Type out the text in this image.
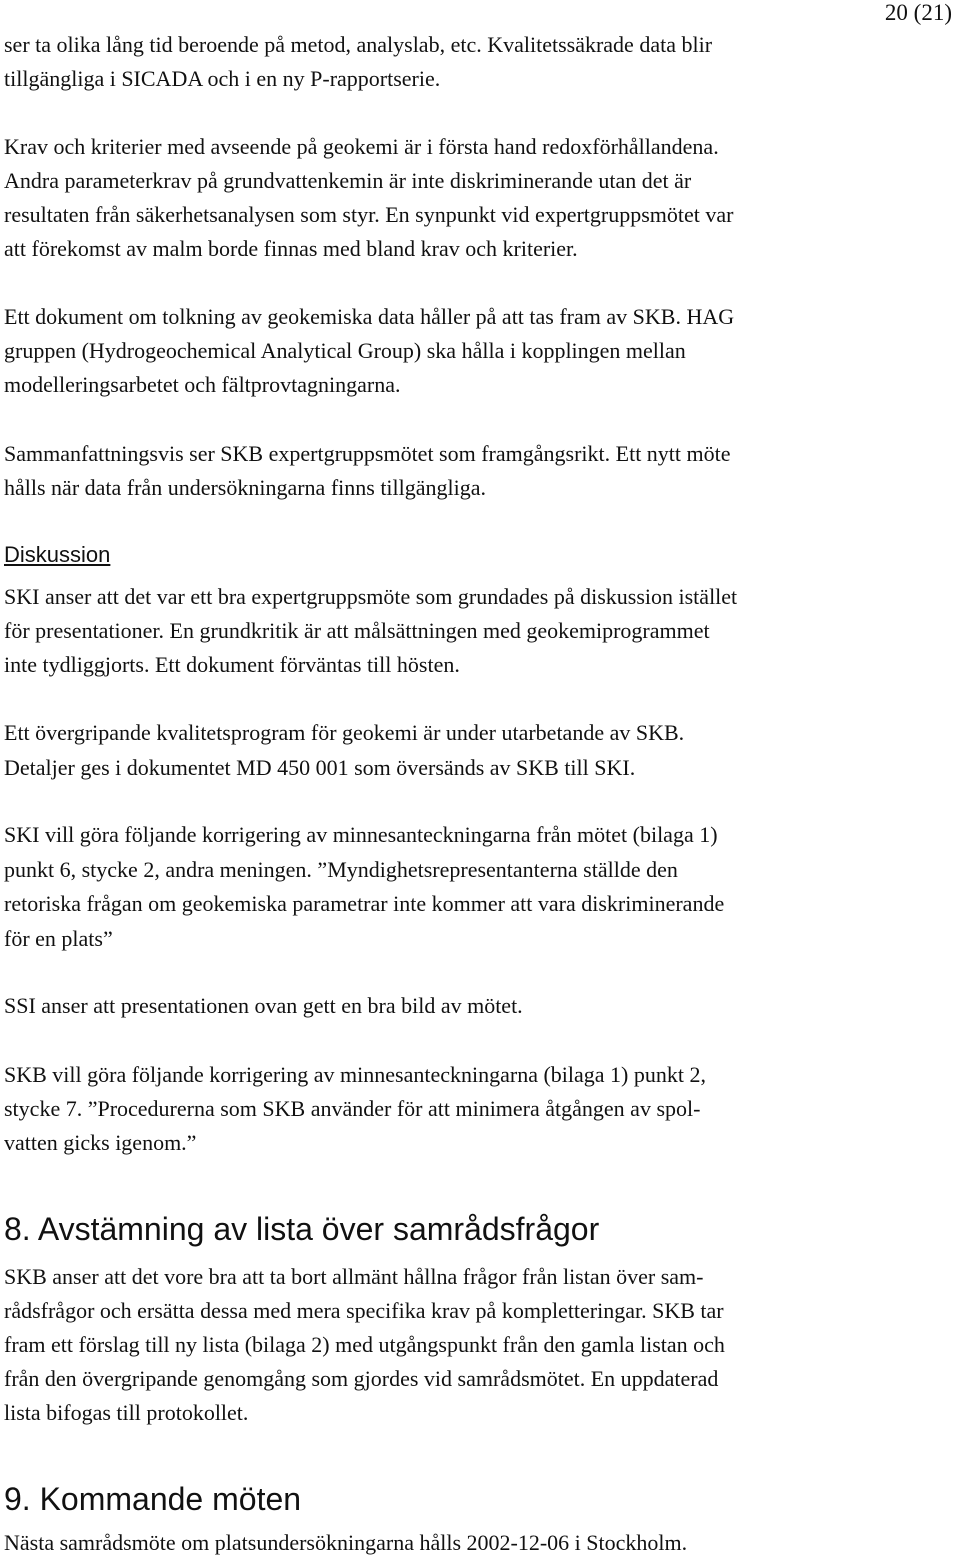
20 (21)
ser ta olika lång tid beroende på metod, analyslab, etc. Kvalitetssäkrade data blir
tillgängliga i SICADA och i en ny P-rapportserie.
Krav och kriterier med avseende på geokemi är i första hand redoxförhållandena.
Andra parameterkrav på grundvattenkemin är inte diskriminerande utan det är
resultaten från säkerhetsanalysen som styr. En synpunkt vid expertgruppsmötet var
att förekomst av malm borde finnas med bland krav och kriterier.
Ett dokument om tolkning av geokemiska data håller på att tas fram av SKB. HAG
gruppen (Hydrogeochemical Analytical Group) ska hålla i kopplingen mellan
modelleringsarbetet och fältprovtagningarna.
Sammanfattningsvis ser SKB expertgruppsmötet som framgångsrikt. Ett nytt möte
hålls när data från undersökningarna finns tillgängliga.
Diskussion
SKI anser att det var ett bra expertgruppsmöte som grundades på diskussion istället
för presentationer. En grundkritik är att målsättningen med geokemiprogrammet
inte tydliggjorts. Ett dokument förväntas till hösten.
Ett övergripande kvalitetsprogram för geokemi är under utarbetande av SKB.
Detaljer ges i dokumentet MD 450 001 som översänds av SKB till SKI.
SKI vill göra följande korrigering av minnesanteckningarna från mötet (bilaga 1)
punkt 6, stycke 2, andra meningen. ”Myndighetsrepresentanterna ställde den
retoriska frågan om geokemiska parametrar inte kommer att vara diskriminerande
för en plats”
SSI anser att presentationen ovan gett en bra bild av mötet.
SKB vill göra följande korrigering av minnesanteckningarna (bilaga 1) punkt 2,
stycke 7. ”Procedurerna som SKB använder för att minimera åtgången av spol-
vatten gicks igenom.”
8. Avstämning av lista över samrådsfrågor
SKB anser att det vore bra att ta bort allmänt hållna frågor från listan över sam-
rådsfrågor och ersätta dessa med mera specifika krav på kompletteringar. SKB tar
fram ett förslag till ny lista (bilaga 2) med utgångspunkt från den gamla listan och
från den övergripande genomgång som gjordes vid samrådsmötet. En uppdaterad
lista bifogas till protokollet.
9. Kommande möten
Nästa samrådsmöte om platsundersökningarna hålls 2002-12-06 i Stockholm.
